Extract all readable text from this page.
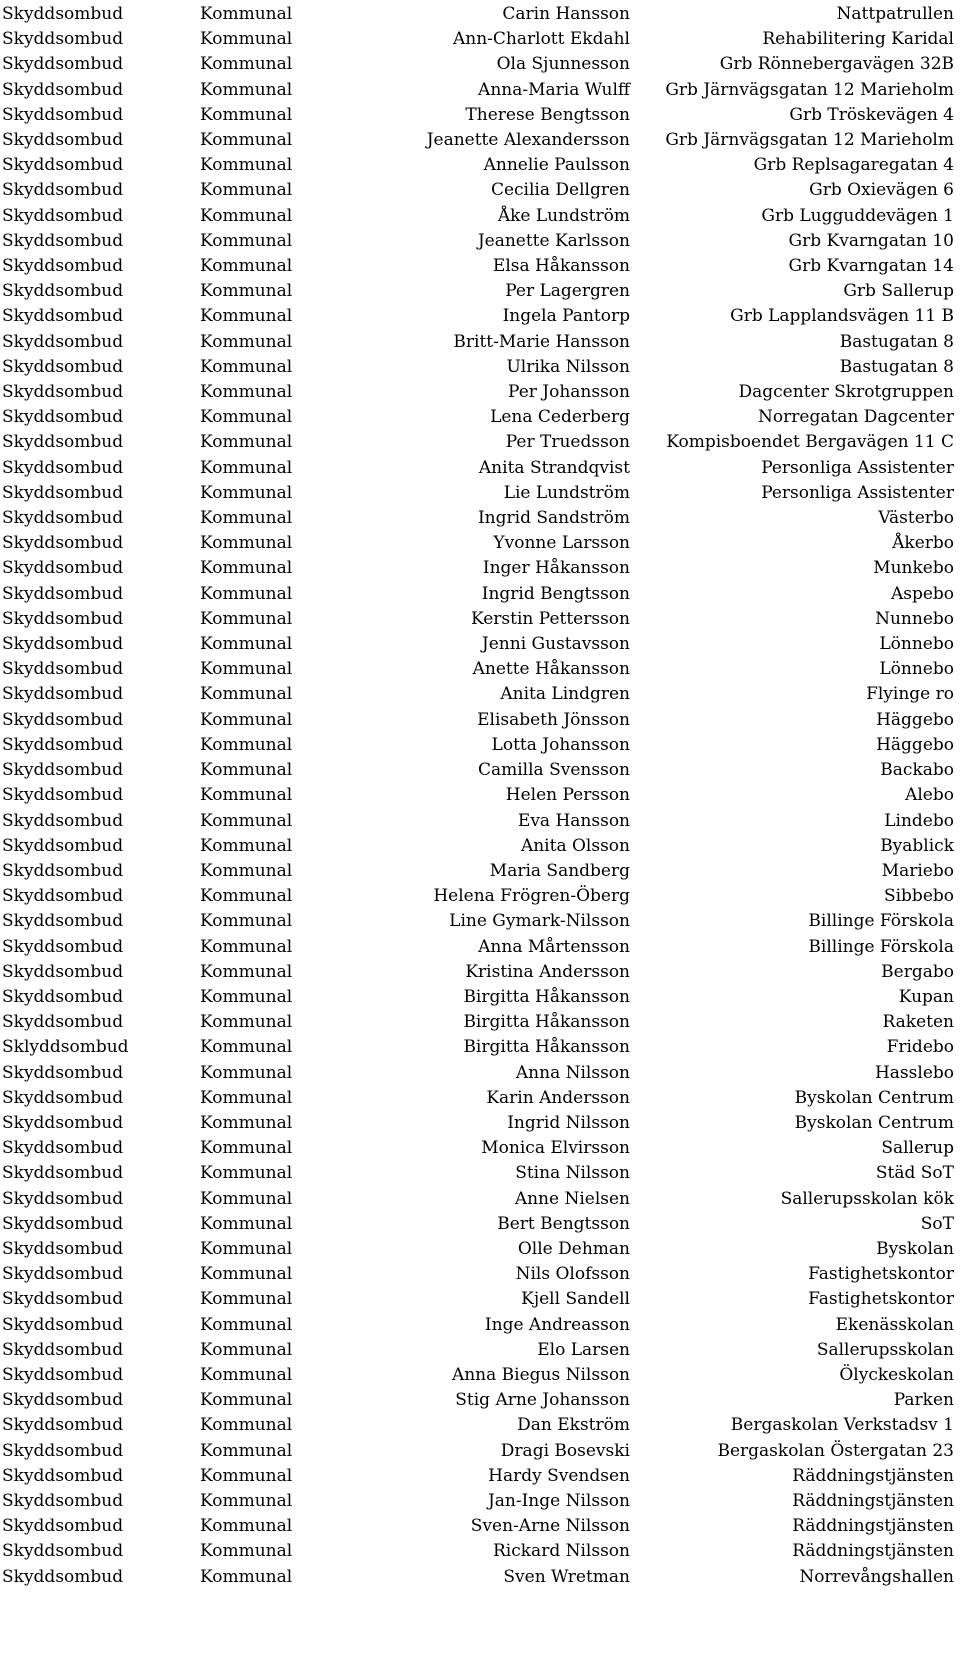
Skyddsombud	Kommunal	Carin Hansson	Nattpatrullen
Skyddsombud	Kommunal	Ann-Charlott Ekdahl	Rehabilitering Karidal
Skyddsombud	Kommunal	Ola Sjunnesson	Grb Rönnebergavägen 32B
Skyddsombud	Kommunal	Anna-Maria Wulff	Grb Järnvägsgatan 12 Marieholm
Skyddsombud	Kommunal	Therese Bengtsson	Grb Tröskevägen 4
Skyddsombud	Kommunal	Jeanette Alexandersson	Grb Järnvägsgatan 12 Marieholm
Skyddsombud	Kommunal	Annelie Paulsson	Grb Replsagaregatan 4
Skyddsombud	Kommunal	Cecilia Dellgren	Grb Oxievägen 6
Skyddsombud	Kommunal	Åke Lundström	Grb Lugguddevägen 1
Skyddsombud	Kommunal	Jeanette Karlsson	Grb Kvarngatan 10
Skyddsombud	Kommunal	Elsa Håkansson	Grb Kvarngatan 14
Skyddsombud	Kommunal	Per Lagergren	Grb Sallerup
Skyddsombud	Kommunal	Ingela Pantorp	Grb Lapplandsvägen 11 B
Skyddsombud	Kommunal	Britt-Marie Hansson	Bastugatan 8
Skyddsombud	Kommunal	Ulrika Nilsson	Bastugatan 8
Skyddsombud	Kommunal	Per Johansson	Dagcenter Skrotgruppen
Skyddsombud	Kommunal	Lena Cederberg	Norregatan Dagcenter
Skyddsombud	Kommunal	Per Truedsson	Kompisboendet Bergavägen 11 C
Skyddsombud	Kommunal	Anita Strandqvist	Personliga Assistenter
Skyddsombud	Kommunal	Lie Lundström	Personliga Assistenter
Skyddsombud	Kommunal	Ingrid Sandström	Västerbo
Skyddsombud	Kommunal	Yvonne Larsson	Åkerbo
Skyddsombud	Kommunal	Inger Håkansson	Munkebo
Skyddsombud	Kommunal	Ingrid Bengtsson	Aspebo
Skyddsombud	Kommunal	Kerstin Pettersson	Nunnebo
Skyddsombud	Kommunal	Jenni Gustavsson	Lönnebo
Skyddsombud	Kommunal	Anette Håkansson	Lönnebo
Skyddsombud	Kommunal	Anita Lindgren	Flyinge ro
Skyddsombud	Kommunal	Elisabeth Jönsson	Häggebo
Skyddsombud	Kommunal	Lotta Johansson	Häggebo
Skyddsombud	Kommunal	Camilla Svensson	Backabo
Skyddsombud	Kommunal	Helen Persson	Alebo
Skyddsombud	Kommunal	Eva Hansson	Lindebo
Skyddsombud	Kommunal	Anita Olsson	Byablick
Skyddsombud	Kommunal	Maria Sandberg	Mariebo
Skyddsombud	Kommunal	Helena Frögren-Öberg	Sibbebo
Skyddsombud	Kommunal	Line Gymark-Nilsson	Billinge Förskola
Skyddsombud	Kommunal	Anna Mårtensson	Billinge Förskola
Skyddsombud	Kommunal	Kristina Andersson	Bergabo
Skyddsombud	Kommunal	Birgitta Håkansson	Kupan
Skyddsombud	Kommunal	Birgitta Håkansson	Raketen
Sklyddsombud	Kommunal	Birgitta Håkansson	Fridebo
Skyddsombud	Kommunal	Anna Nilsson	Hasslebo
Skyddsombud	Kommunal	Karin Andersson	Byskolan Centrum
Skyddsombud	Kommunal	Ingrid Nilsson	Byskolan Centrum
Skyddsombud	Kommunal	Monica Elvirsson	Sallerup
Skyddsombud	Kommunal	Stina Nilsson	Städ SoT
Skyddsombud	Kommunal	Anne Nielsen	Sallerupsskolan kök
Skyddsombud	Kommunal	Bert Bengtsson	SoT
Skyddsombud	Kommunal	Olle Dehman	Byskolan
Skyddsombud	Kommunal	Nils Olofsson	Fastighetskontor
Skyddsombud	Kommunal	Kjell Sandell	Fastighetskontor
Skyddsombud	Kommunal	Inge Andreasson	Ekenässkolan
Skyddsombud	Kommunal	Elo Larsen	Sallerupsskolan
Skyddsombud	Kommunal	Anna Biegus Nilsson	Ölyckeskolan
Skyddsombud	Kommunal	Stig Arne Johansson	Parken
Skyddsombud	Kommunal	Dan Ekström	Bergaskolan Verkstadsv 1
Skyddsombud	Kommunal	Dragi Bosevski	Bergaskolan Östergatan 23
Skyddsombud	Kommunal	Hardy Svendsen	Räddningstjänsten
Skyddsombud	Kommunal	Jan-Inge Nilsson	Räddningstjänsten
Skyddsombud	Kommunal	Sven-Arne Nilsson	Räddningstjänsten
Skyddsombud	Kommunal	Rickard Nilsson	Räddningstjänsten
Skyddsombud	Kommunal	Sven Wretman	Norrevångshallen
